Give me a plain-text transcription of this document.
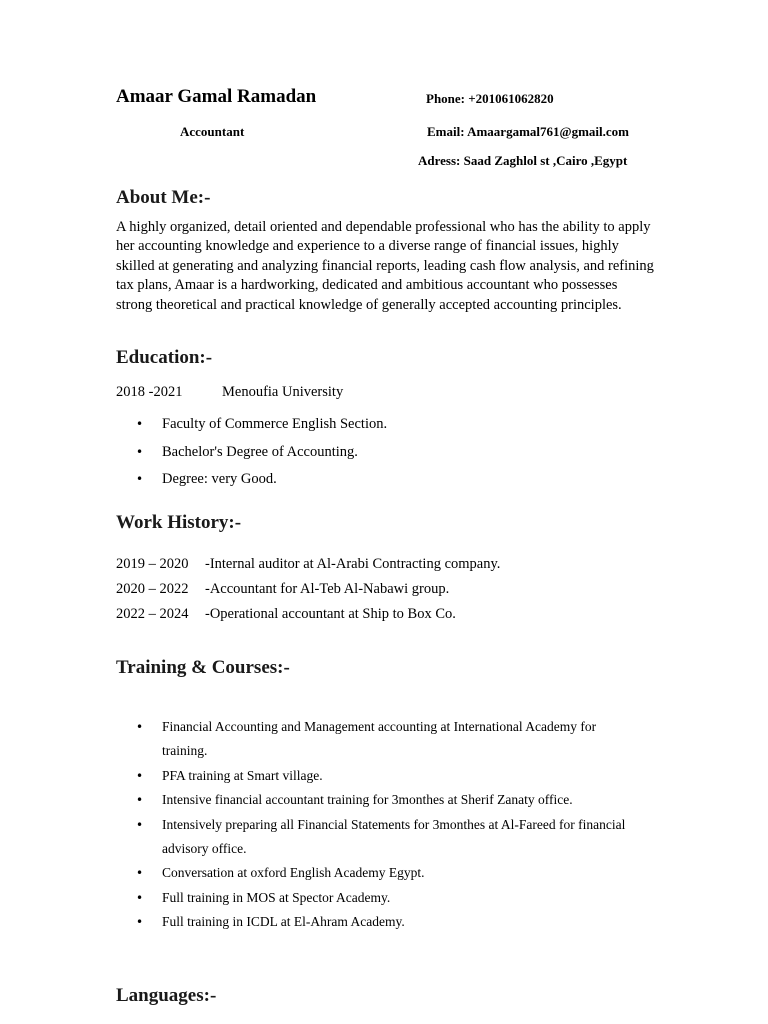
Amaar Gamal Ramadan
Accountant
Phone: +201061062820
Email: Amaargamal761@gmail.com
Adress: Saad Zaghlol st ,Cairo ,Egypt
About Me:-
A highly organized, detail oriented and dependable professional who has the ability to apply her accounting knowledge and experience to a diverse range of financial issues, highly skilled at generating and analyzing financial reports, leading cash flow analysis, and refining tax plans, Amaar is a hardworking, dedicated and ambitious accountant who possesses strong theoretical and practical knowledge of generally accepted accounting principles.
Education:-
2018 -2021	Menoufia University
• Faculty of Commerce English Section.
• Bachelor's Degree of Accounting.
• Degree: very Good.
Work History:-
2019 – 2020 -Internal auditor at Al-Arabi Contracting company.
2020 – 2022 -Accountant for Al-Teb Al-Nabawi group.
2022 – 2024 -Operational accountant at Ship to Box Co.
Training & Courses:-
• Financial Accounting and Management accounting at International Academy for training.
• PFA training at Smart village.
• Intensive financial accountant training for 3monthes at Sherif Zanaty office.
• Intensively preparing all Financial Statements for 3monthes at Al-Fareed for financial advisory office.
• Conversation at oxford English Academy Egypt.
• Full training in MOS at Spector Academy.
• Full training in ICDL at El-Ahram Academy.
Languages:-
